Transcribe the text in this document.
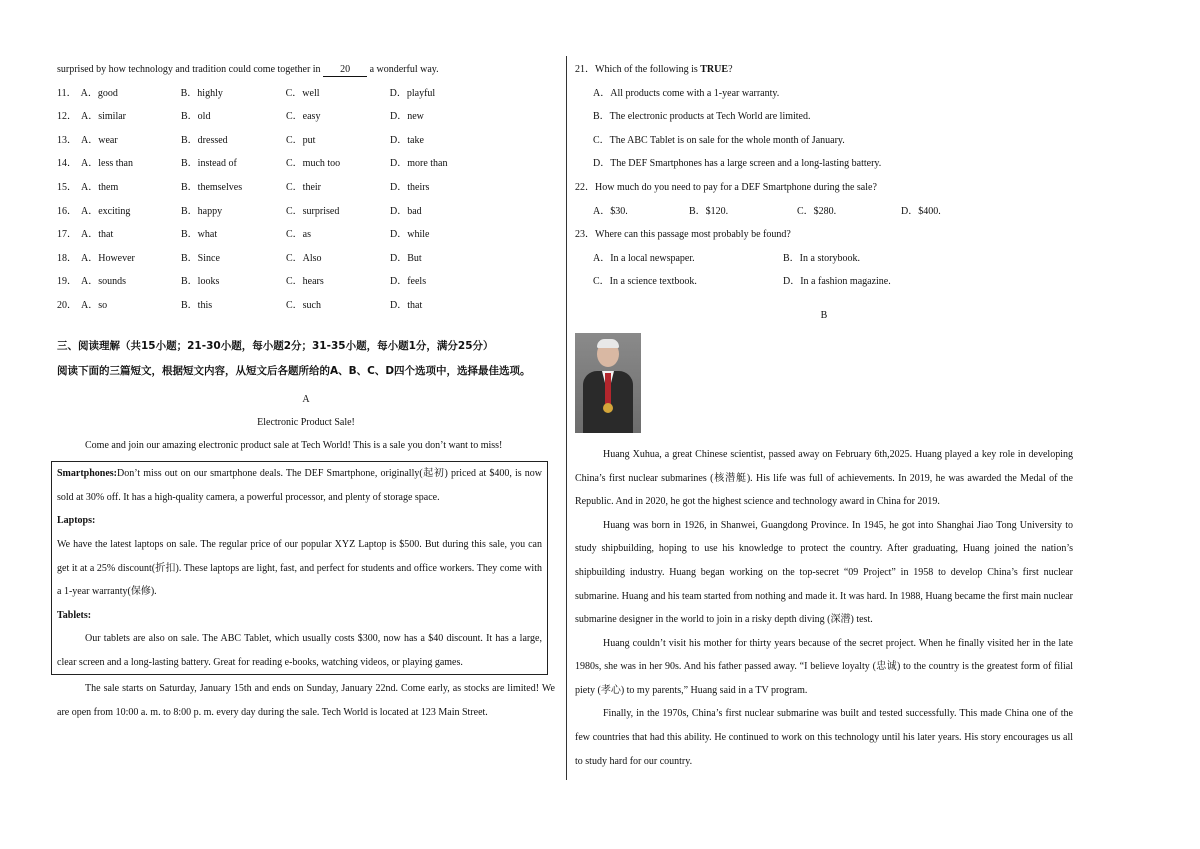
surprised by how technology and tradition could come together in 20 a wonderful way.
11． A．good	B．highly	C．well	D．playful
12． A．similar	B．old	C．easy	D．new
13． A．wear	B．dressed	C．put	D．take
14． A．less than	B．instead of	C．much too	D．more than
15． A．them	B．themselves	C．their	D．theirs
16． A．exciting	B．happy	C．surprised	D．bad
17． A．that	B．what	C．as	D．while
18． A．However	B．Since	C．Also	D．But
19． A．sounds	B．looks	C．hears	D．feels
20． A．so	B．this	C．such	D．that
三、阅读理解（共15小题；21-30小题，每小题2分；31-35小题，每小题1分，满分25分）
阅读下面的三篇短文，根据短文内容，从短文后各题所给的A、B、C、D四个选项中，选择最佳选项。
A
Electronic Product Sale!
Come and join our amazing electronic product sale at Tech World! This is a sale you don’t want to miss!
Smartphones:Don’t miss out on our smartphone deals. The DEF Smartphone, originally(起初) priced at $400, is now sold at 30% off. It has a high-quality camera, a powerful processor, and plenty of storage space.
Laptops:
We have the latest laptops on sale. The regular price of our popular XYZ Laptop is $500. But during this sale, you can get it at a 25% discount(折扣). These laptops are light, fast, and perfect for students and office workers. They come with a 1-year warranty(保修).
Tablets:
Our tablets are also on sale. The ABC Tablet, which usually costs $300, now has a $40 discount. It has a large, clear screen and a long-lasting battery. Great for reading e-books, watching videos, or playing games.
The sale starts on Saturday, January 15th and ends on Sunday, January 22nd. Come early, as stocks are limited! We are open from 10:00 a. m. to 8:00 p. m. every day during the sale. Tech World is located at 123 Main Street.
21．Which of the following is TRUE?
A．All products come with a 1-year warranty.
B．The electronic products at Tech World are limited.
C．The ABC Tablet is on sale for the whole month of January.
D．The DEF Smartphones has a large screen and a long-lasting battery.
22．How much do you need to pay for a DEF Smartphone during the sale?
A．$30.	B．$120.	C．$280.	D．$400.
23．Where can this passage most probably be found?
A．In a local newspaper.	B．In a storybook.
C．In a science textbook.	D．In a fashion magazine.
B
Huang Xuhua, a great Chinese scientist, passed away on February 6th,2025. Huang played a key role in developing China’s first nuclear submarines (核潜艇). His life was full of achievements. In 2019, he was awarded the Medal of the Republic. And in 2020, he got the highest science and technology award in China for 2019.
Huang was born in 1926, in Shanwei, Guangdong Province. In 1945, he got into Shanghai Jiao Tong University to study shipbuilding, hoping to use his knowledge to protect the country. After graduating, Huang joined the nation’s shipbuilding industry. Huang began working on the top-secret “09 Project” in 1958 to develop China’s first nuclear submarine. Huang and his team started from nothing and made it. It was hard. In 1988, Huang became the first main nuclear submarine designer in the world to join in a risky depth diving (深潜) test.
Huang couldn’t visit his mother for thirty years because of the secret project. When he finally visited her in the late 1980s, she was in her 90s. And his father passed away. “I believe loyalty (忠诚) to the country is the greatest form of filial piety (孝心) to my parents,” Huang said in a TV program.
Finally, in the 1970s, China’s first nuclear submarine was built and tested successfully. This made China one of the few countries that had this ability. He continued to work on this technology until his later years. His story encourages us all to study hard for our country.
